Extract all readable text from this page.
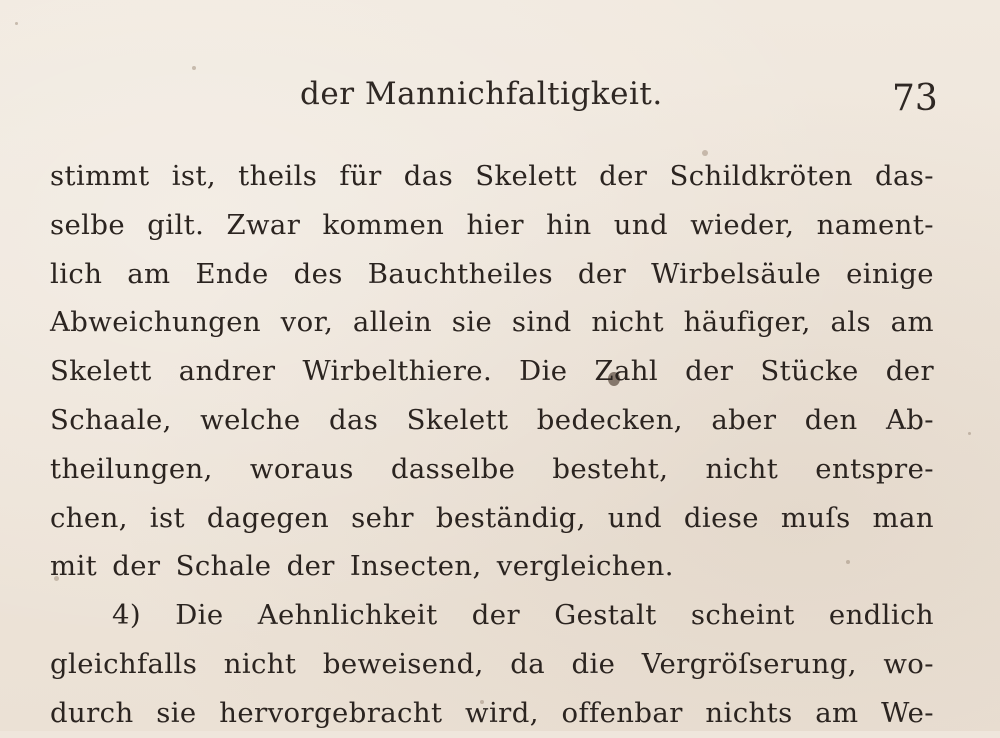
der Mannichfaltigkeit.	73
stimmt ist, theils für das Skelett der Schildkröten das-
selbe gilt. Zwar kommen hier hin und wieder, nament-
lich am Ende des Bauchtheiles der Wirbelsäule einige
Abweichungen vor, allein sie sind nicht häufiger, als am
Skelett andrer Wirbelthiere. Die Zahl der Stücke der
Schaale, welche das Skelett bedecken, aber den Ab-
theilungen, woraus dasselbe besteht, nicht entspre-
chen, ist dagegen sehr beständig, und diese muſs man
mit der Schale der Insecten, vergleichen.
4) Die Aehnlichkeit der Gestalt scheint endlich
gleichfalls nicht beweisend, da die Vergröſserung, wo-
durch sie hervorgebracht wird, offenbar nichts am We-
